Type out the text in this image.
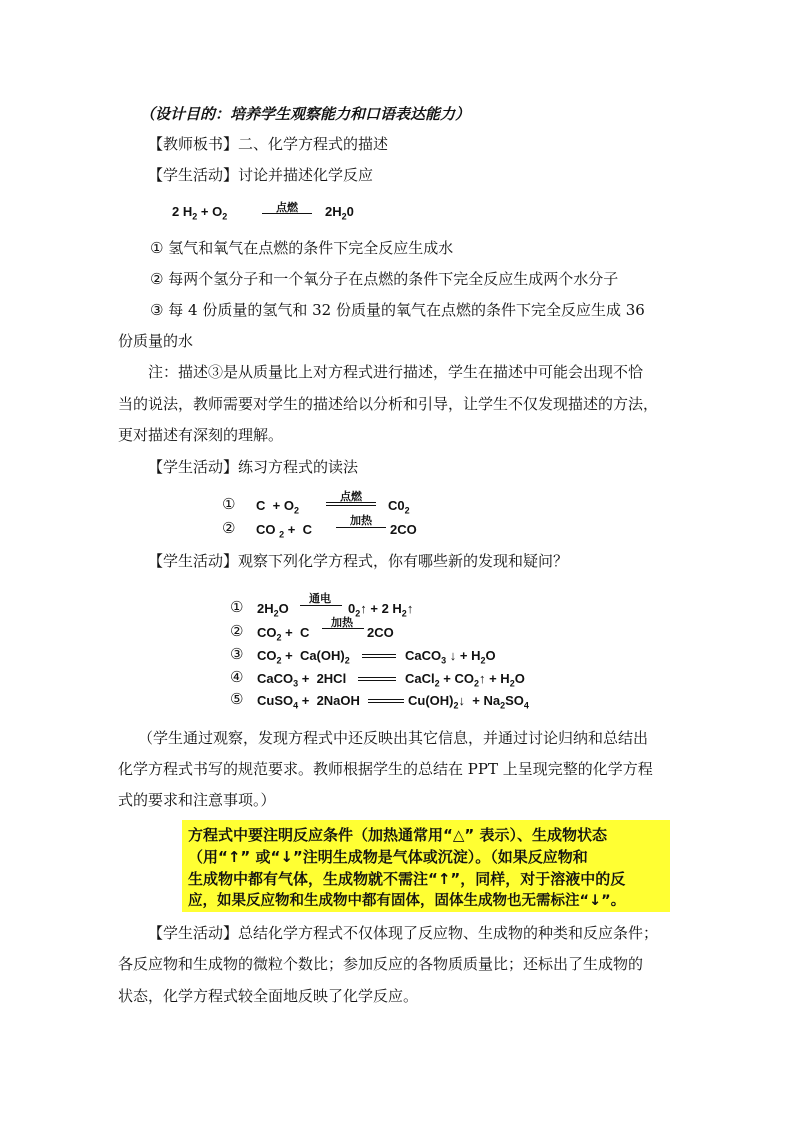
（设计目的：培养学生观察能力和口语表达能力）
【教师板书】二、化学方程式的描述
【学生活动】讨论并描述化学反应
2 $H_2 + O_2$
点燃	$2H_20$
① 氢气和氧气在点燃的条件下完全反应生成水
② 每两个氢分子和一个氧分子在点燃的条件下完全反应生成两个水分子
③ 每 4 份质量的氢气和 32 份质量的氧气在点燃的条件下完全反应生成 36
份质量的水
注：描述③是从质量比上对方程式进行描述，学生在描述中可能会出现不恰
当的说法，教师需要对学生的描述给以分析和引导，让学生不仅发现描述的方法，
更对描述有深刻的理解。
【学生活动】练习方程式的读法
① $C + O_2$
点燃
$C0_2$
② CO $_2$ +  C
加热
2CO
【学生活动】观察下列化学方程式，你有哪些新的发现和疑问？
① $2H_2O$
通电
$0_2↑ + 2$ $H_2↑$
② $CO_2 + C$
加热
2CO
③ $CO_2 + Ca(OH)_2$	CaCO$_3$ ↓ + $H_2O$
④ CaCO$_3$ +  2HCl	CaCl$_2$ + $CO_2↑ + H_2O$
⑤ CuSO$_4$ +  2NaOH	$Cu(OH)_2↓ + Na_2SO_4$
（学生通过观察，发现方程式中还反映出其它信息，并通过讨论归纳和总结出
化学方程式书写的规范要求。教师根据学生的总结在 PPT 上呈现完整的化学方程
式的要求和注意事项。）
方程式中要注明反应条件（加热通常用“△” 表示）、生成物状态
（用“↑” 或“↓”注明生成物是气体或沉淀）。（如果反应物和
生成物中都有气体，生成物就不需注“↑”，同样，对于溶液中的反
应，如果反应物和生成物中都有固体，固体生成物也无需标注“↓”。
【学生活动】总结化学方程式不仅体现了反应物、生成物的种类和反应条件；
各反应物和生成物的微粒个数比；参加反应的各物质质量比；还标出了生成物的
状态，化学方程式较全面地反映了化学反应。
